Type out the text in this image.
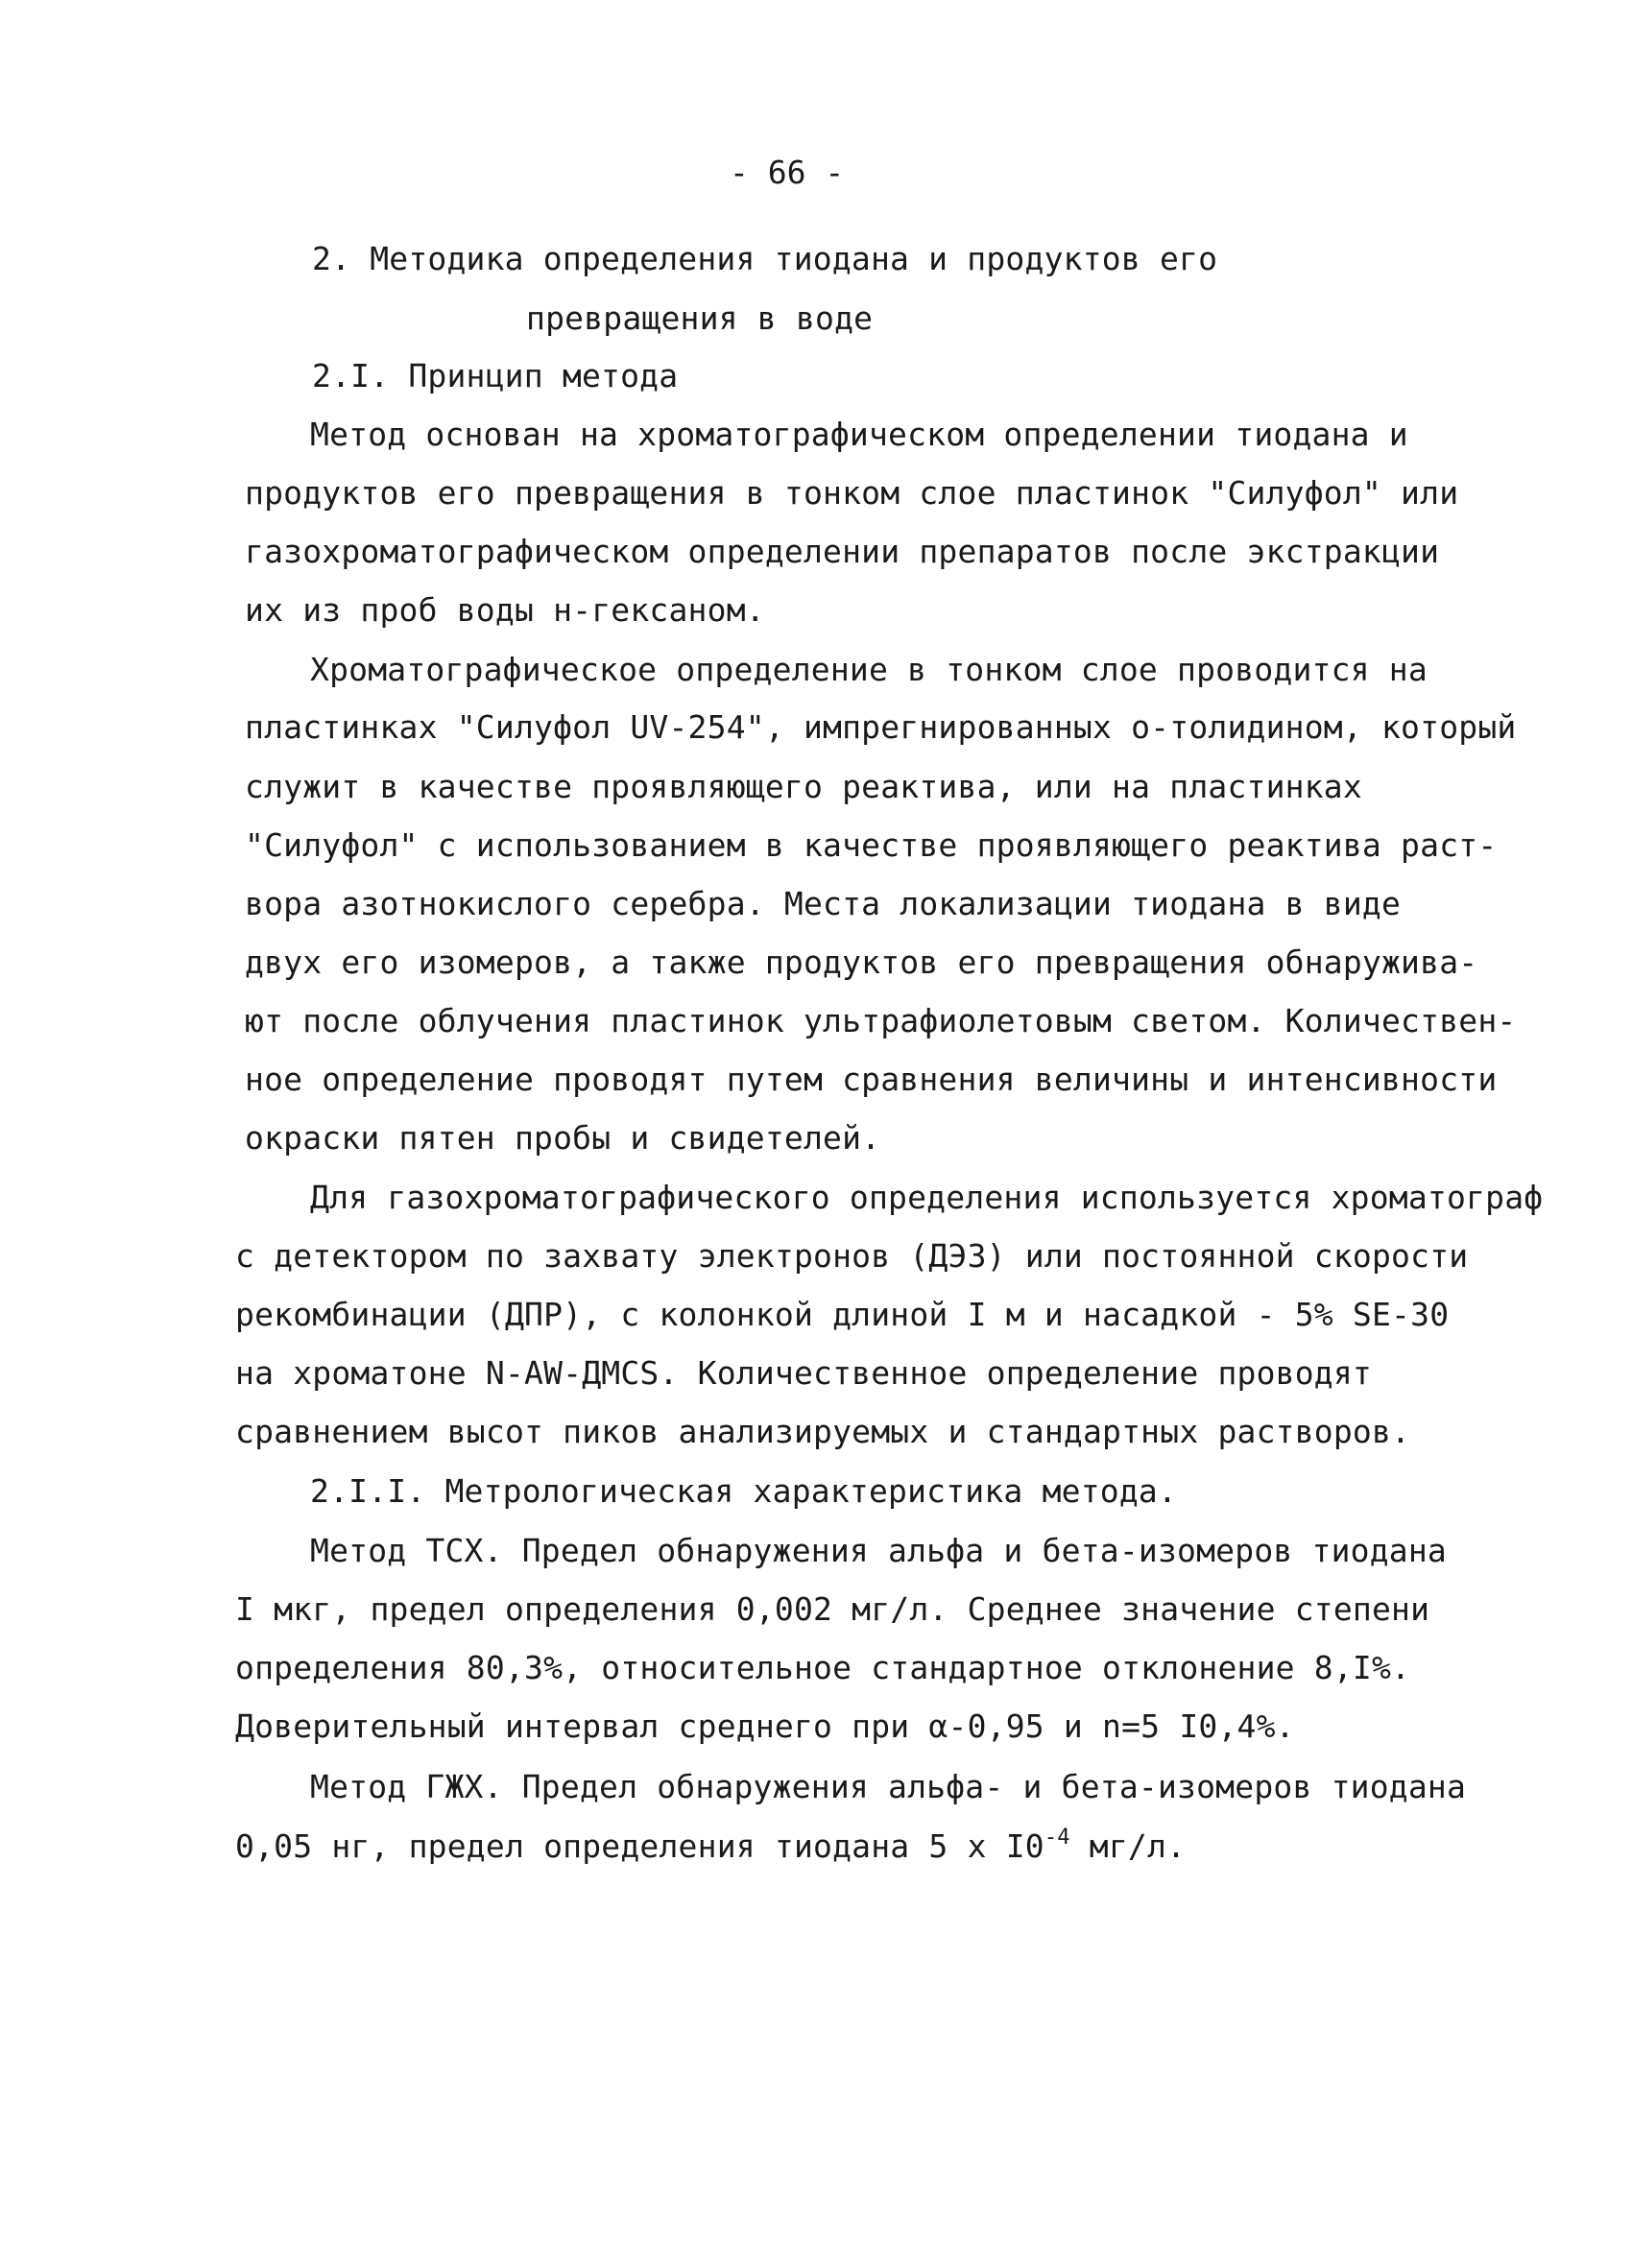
- 66 -
2. Методика определения тиодана и продуктов его
превращения в воде
2.I. Принцип метода
Метод основан на хроматографическом определении тиодана и
продуктов его превращения в тонком слое пластинок "Силуфол" или
газохроматографическом определении препаратов после экстракции
их из проб воды н-гексаном.
Хроматографическое определение в тонком слое проводится на
пластинках "Силуфол UV-254", импрегнированных о-толидином, который
служит в качестве проявляющего реактива, или на пластинках
"Силуфол" с использованием в качестве проявляющего реактива раст-
вора азотнокислого серебра. Места локализации тиодана в виде
двух его изомеров, а также продуктов его превращения обнаружива-
ют после облучения пластинок ультрафиолетовым светом. Количествен-
ное определение проводят путем сравнения величины и интенсивности
окраски пятен пробы и свидетелей.
Для газохроматографического определения используется хроматограф
с детектором по захвату электронов (ДЭЗ) или постоянной скорости
рекомбинации (ДПР), с колонкой длиной I м и насадкой - 5% SE-30
на хроматоне N-AW-ДМСS. Количественное определение проводят
сравнением высот пиков анализируемых и стандартных растворов.
2.I.I. Метрологическая характеристика метода.
Метод ТСХ. Предел обнаружения альфа и бета-изомеров тиодана
I мкг, предел определения 0,002 мг/л. Среднее значение степени
определения 80,3%, относительное стандартное отклонение 8,I%.
Доверительный интервал среднего при α-0,95 и n=5 I0,4%.
Метод ГЖХ. Предел обнаружения альфа- и бета-изомеров тиодана
0,05 нг, предел определения тиодана 5 х $I0^{-4}$ мг/л.
